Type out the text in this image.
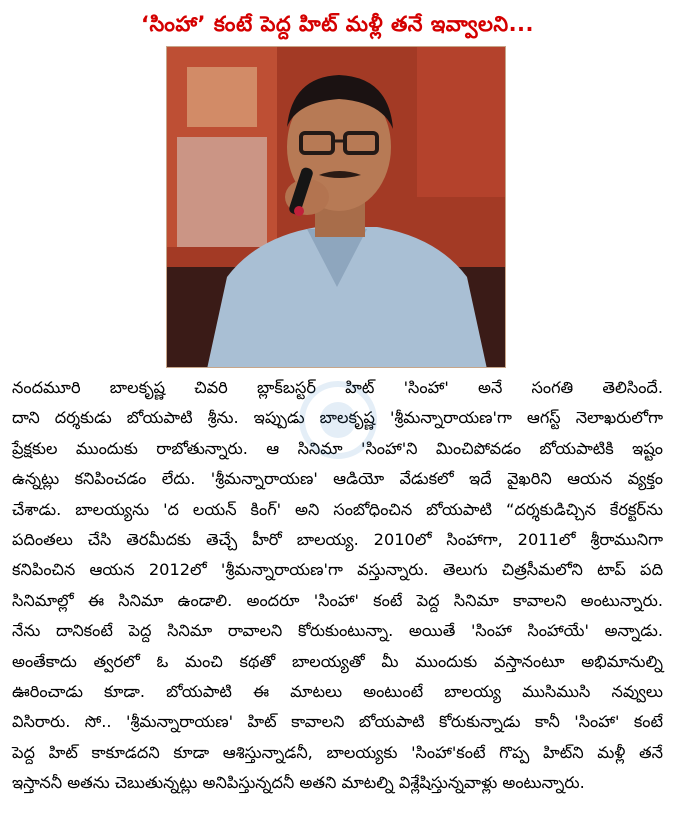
‘సింహా’ కంటే పెద్ద హిట్ మళ్లీ తనే ఇవ్వాలని...
నందమూరి బాలకృష్ణ చివరి బ్లాక్‌బస్టర్ హిట్ 'సింహా' అనే సంగతి తెలిసిందే.
దాని దర్శకుడు బోయపాటి శ్రీను. ఇప్పుడు బాలకృష్ణ 'శ్రీమన్నారాయణ'గా ఆగస్ట్ నెలాఖరులోగా
ప్రేక్షకుల ముందుకు రాబోతున్నారు. ఆ సినిమా 'సింహా'ని మించిపోవడం బోయపాటికి ఇష్టం
ఉన్నట్లు కనిపించడం లేదు. 'శ్రీమన్నారాయణ' ఆడియో వేడుకలో ఇదే వైఖరిని ఆయన వ్యక్తం
చేశాడు. బాలయ్యను 'ద లయన్ కింగ్' అని సంబోధించిన బోయపాటి “దర్శకుడిచ్చిన కేరక్టర్‌ను
పదింతలు చేసి తెరమీదకు తెచ్చే హీరో బాలయ్య. 2010లో సింహాగా, 2011లో శ్రీరామునిగా
కనిపించిన ఆయన 2012లో 'శ్రీమన్నారాయణ'గా వస్తున్నారు. తెలుగు చిత్రసీమలోని టాప్ పది
సినిమాల్లో ఈ సినిమా ఉండాలి. అందరూ 'సింహా' కంటే పెద్ద సినిమా కావాలని అంటున్నారు.
నేను దానికంటే పెద్ద సినిమా రావాలని కోరుకుంటున్నా. అయితే 'సింహా సింహాయే' అన్నాడు.
అంతేకాదు త్వరలో ఓ మంచి కథతో బాలయ్యతో మీ ముందుకు వస్తానంటూ అభిమానుల్ని
ఊరించాడు కూడా. బోయపాటి ఈ మాటలు అంటుంటే బాలయ్య ముసిముసి నవ్వులు
విసిరారు. సో.. 'శ్రీమన్నారాయణ' హిట్ కావాలని బోయపాటి కోరుకున్నాడు కానీ 'సింహా' కంటే
పెద్ద హిట్ కాకూడదని కూడా ఆశిస్తున్నాడనీ, బాలయ్యకు 'సింహా'కంటే గొప్ప హిట్‌ని మళ్లీ తనే
ఇస్తాననీ అతను చెబుతున్నట్లు అనిపిస్తున్నదనీ అతని మాటల్ని విశ్లేషిస్తున్నవాళ్లు అంటున్నారు.
